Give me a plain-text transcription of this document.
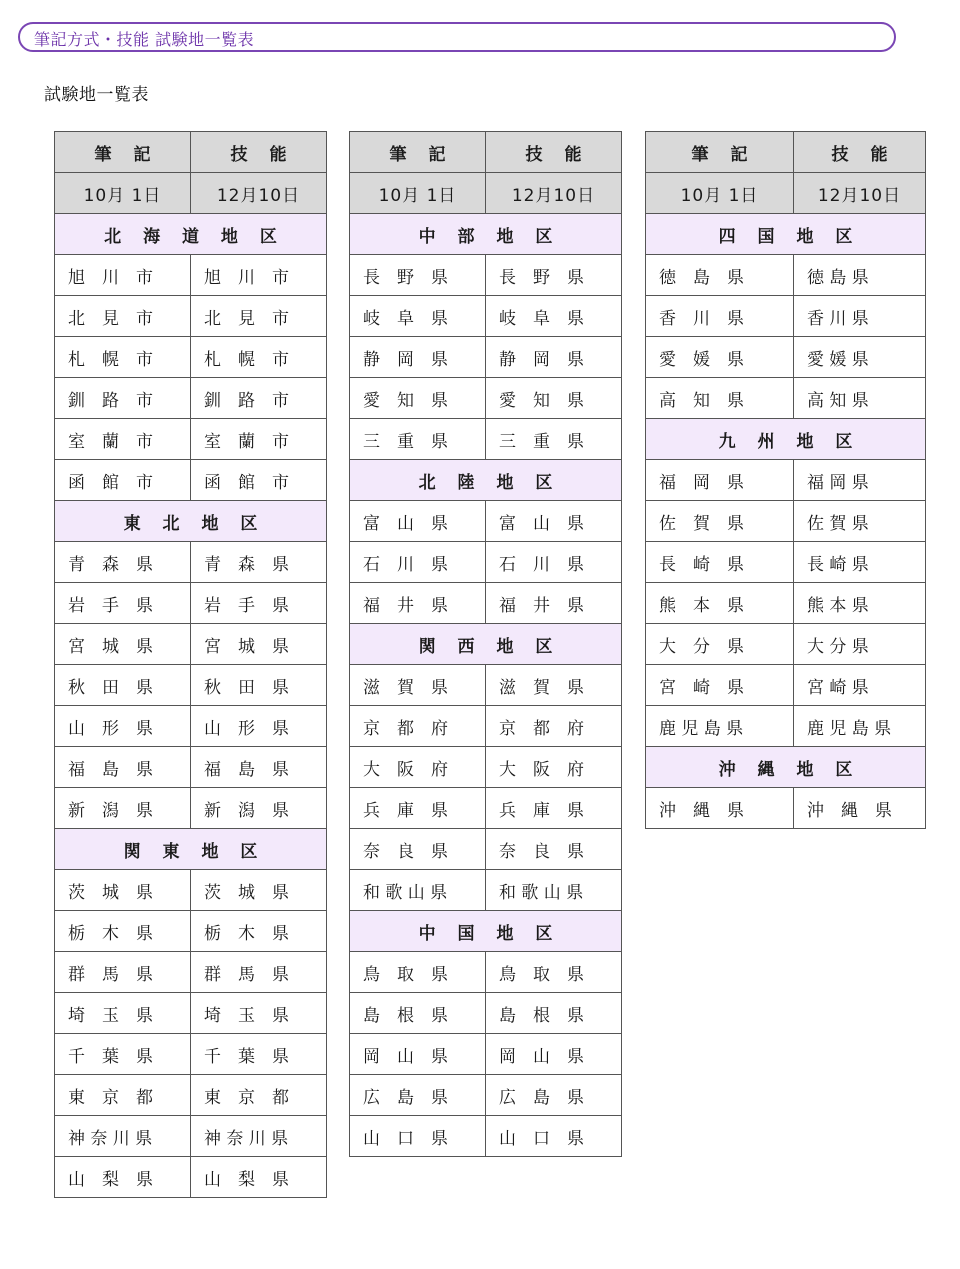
筆記方式・技能 試験地一覧表
試験地一覧表
筆 記	技 能
10月 1日	12月10日
北 海 道 地 区	
旭　川　市	旭　川　市
北　見　市	北　見　市
札　幌　市	札　幌　市
釧　路　市	釧　路　市
室　蘭　市	室　蘭　市
函　館　市	函　館　市
東 北 地 区	
青　森　県	青　森　県
岩　手　県	岩　手　県
宮　城　県	宮　城　県
秋　田　県	秋　田　県
山　形　県	山　形　県
福　島　県	福　島　県
新　潟　県	新　潟　県
関 東 地 区	
茨　城　県	茨　城　県
栃　木　県	栃　木　県
群　馬　県	群　馬　県
埼　玉　県	埼　玉　県
千　葉　県	千　葉　県
東　京　都	東　京　都
神 奈 川 県	神 奈 川 県
山　梨　県	山　梨　県
筆 記	技 能
10月 1日	12月10日
中 部 地 区	
長　野　県	長　野　県
岐　阜　県	岐　阜　県
静　岡　県	静　岡　県
愛　知　県	愛　知　県
三　重　県	三　重　県
北 陸 地 区	
富　山　県	富　山　県
石　川　県	石　川　県
福　井　県	福　井　県
関 西 地 区	
滋　賀　県	滋　賀　県
京　都　府	京　都　府
大　阪　府	大　阪　府
兵　庫　県	兵　庫　県
奈　良　県	奈　良　県
和 歌 山 県	和 歌 山 県
中 国 地 区	
鳥　取　県	鳥　取　県
島　根　県	島　根　県
岡　山　県	岡　山　県
広　島　県	広　島　県
山　口　県	山　口　県
筆 記	技 能
10月 1日	12月10日
四 国 地 区	
徳　島　県	徳 島 県
香　川　県	香 川 県
愛　媛　県	愛 媛 県
高　知　県	高 知 県
九 州 地 区	
福　岡　県	福 岡 県
佐　賀　県	佐 賀 県
長　崎　県	長 崎 県
熊　本　県	熊 本 県
大　分　県	大 分 県
宮　崎　県	宮 崎 県
鹿 児 島 県	鹿 児 島 県
沖 縄 地 区	
沖　縄　県	沖　縄　県
